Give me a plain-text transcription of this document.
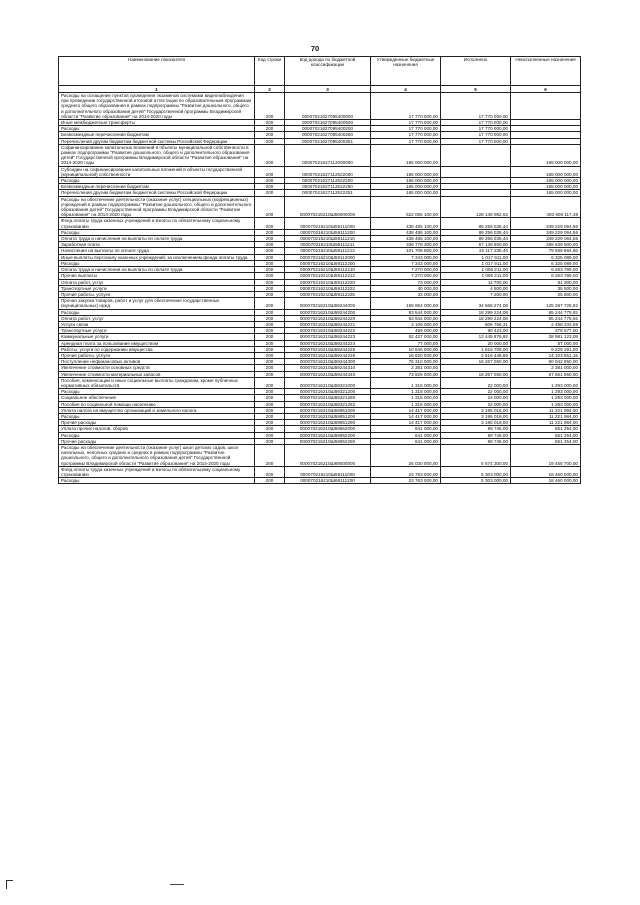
70
Наименование показателя	Код строки	Код дохода по бюджетной классификации	Утвержденные бюджетные назначения	Исполнено	Неисполненные назначения
1	2	3	4	5	6
Расходы на оснащение пунктов проведения экзаменов системами видеонаблюдения при проведении государственной итоговой аттестации по образовательным программам среднего общего образования в рамках подпрограммы "Развитие дошкольного, общего и дополнительного образования детей" Государственной программы Владимирской области "Развитие образования" на 2014-2020 годы	200	00007021627095400000	17 770 000,00	17 770 000,00	
Иные межбюджетные трансферты	200	00007021627095400500	17 770 000,00	17 770 000,00	
Расходы	200	00007021627095400200	17 770 000,00	17 770 000,00	
Безвозмездные перечисления бюджетам	200	00007021627095400250	17 770 000,00	17 770 000,00	
Перечисления другим бюджетам бюджетной системы Российской Федерации	200	00007021627095400251	17 770 000,00	17 770 000,00	
Софинансирование капитальных вложений в объекты муниципальной собственности в рамках подпрограммы "Развитие дошкольного, общего и дополнительного образования детей" Государственной программы Владимирской области "Развитие образования" на 2014-2020 годы	200	00007021627112000000	165 000 000,00		165 000 000,00
Субсидии на софинансирование капитальных вложений в объекты государственной (муниципальной) собственности	200	00007021627112522000	165 000 000,00		165 000 000,00
Расходы	200	00007021627112522200	165 000 000,00		165 000 000,00
Безвозмездные перечисления бюджетам	200	00007021627112522250	165 000 000,00		165 000 000,00
Перечисления другим бюджетам бюджетной системы Российской Федерации	200	00007021627112522251	165 000 000,00		165 000 000,00
Расходы на обеспечение деятельности (оказание услуг) специальных (коррекционных) учреждений в рамках подпрограммы "Развитие дошкольного, общего и дополнительного образования детей" Государственной программы Владимирской области "Развитие образования" на 2014-2020 годы	200	000070216210Ш59000000	622 055 100,00	128 146 982,52	493 908 117,48
Фонд оплаты труда казенных учреждений и взносы по обязательному социальному страхованию	200	000070216210Ш59111000	438 485 100,00	89 256 035,44	349 229 064,56
Расходы	200	000070216210Ш59111200	438 485 100,00	89 256 035,44	349 229 064,56
Оплата труда и начисления на выплаты по оплате труда	200	000070216210Ш59111210	438 485 100,00	89 256 035,44	349 229 064,56
Заработная плата	200	000070216210Ш59111211	336 778 300,00	67 138 800,00	269 639 500,00
Начисления на выплаты по оплате труда	200	000070216210Ш59111213	101 706 800,00	22 117 235,44	79 589 564,56
Иные выплаты персоналу казенных учреждений, за исключением фонда оплаты труда	200	000070216210Ш59112000	7 343 000,00	1 017 911,00	6 325 089,00
Расходы	200	000070216210Ш59112200	7 343 000,00	1 017 911,00	6 325 089,00
Оплата труда и начисления на выплаты по оплате труда	200	000070216210Ш59112210	7 270 000,00	1 006 211,00	6 263 789,00
Прочие выплаты	200	000070216210Ш59112212	7 270 000,00	1 006 211,00	6 263 789,00
Оплата работ, услуг	200	000070216210Ш59112220	73 000,00	11 700,00	61 300,00
Транспортные услуги	200	000070216210Ш59112222	40 000,00	4 500,00	35 500,00
Прочие работы, услуги	200	000070216210Ш59112226	33 000,00	7 200,00	25 800,00
Прочая закупка товаров, работ и услуг для обеспечения государственных (муниципальных) нужд	200	000070216210Ш59244000	159 854 000,00	34 566 274,08	125 287 725,92
Расходы	200	000070216210Ш59244200	83 544 000,00	18 299 224,08	65 244 775,92
Оплата работ, услуг	200	000070216210Ш59244220	83 544 000,00	18 299 224,08	65 244 775,92
Услуги связи	200	000070216210Ш59244221	3 105 000,00	606 766,31	2 498 233,69
Транспортные услуги	200	000070216210Ш59244222	469 000,00	90 423,00	378 577,00
Коммунальные услуги	200	000070216210Ш59244223	52 427 000,00	13 445 876,92	38 981 123,08
Арендная плата за пользование имуществом	200	000070216210Ш59244224	77 000,00	20 000,00	57 000,00
Работы, услуги по содержанию имущества	200	000070216210Ш59244225	10 846 000,00	1 616 709,00	9 229 291,00
Прочие работы, услуги	200	000070216210Ш59244226	16 620 000,00	2 516 448,85	14 103 551,15
Поступление нефинансовых активов	200	000070216210Ш59244300	76 310 000,00	16 267 050,00	60 042 950,00
Увеличение стоимости основных средств	200	000070216210Ш59244310	2 381 000,00		2 381 000,00
Увеличение стоимости материальных запасов	200	000070216210Ш59244340	73 929 000,00	16 267 050,00	57 661 950,00
Пособия, компенсации и иные социальные выплаты гражданам, кроме публичных нормативных обязательств	200	000070216210Ш59321000	1 315 000,00	22 000,00	1 293 000,00
Расходы	200	000070216210Ш59321200	1 315 000,00	22 000,00	1 293 000,00
Социальное обеспечение	200	000070216210Ш59321260	1 315 000,00	22 000,00	1 293 000,00
Пособия по социальной помощи населению	200	000070216210Ш59321262	1 315 000,00	22 000,00	1 293 000,00
Уплата налога на имущество организаций и земельного налога	200	000070216210Ш59851000	14 417 000,00	3 195 016,00	11 221 984,00
Расходы	200	000070216210Ш59851200	14 417 000,00	3 195 016,00	11 221 984,00
Прочие расходы	200	000070216210Ш59851290	14 417 000,00	3 195 016,00	11 221 984,00
Уплата прочих налогов, сборов	200	000070216210Ш59852000	641 000,00	89 746,00	551 254,00
Расходы	200	000070216210Ш59852200	641 000,00	89 746,00	551 254,00
Прочие расходы	200	000070216210Ш59852290	641 000,00	89 746,00	551 254,00
Расходы на обеспечение деятельности (оказание услуг) школ детских садов, школ начальных, неполных средних и средних в рамках подпрограммы "Развитие дошкольного, общего и дополнительного образования детей" Государственной программы Владимирской области "Развитие образования" на 2014-2020 годы	200	000070216210Ш69000000	25 030 000,00	5 574 300,00	19 455 700,00
Фонд оплаты труда казенных учреждений и взносы по обязательному социальному страхованию	200	000070216210Ш69111000	23 763 000,00	5 303 000,00	18 460 000,00
Расходы	200	000070216210Ш69111200	23 763 000,00	5 303 000,00	18 460 000,00
